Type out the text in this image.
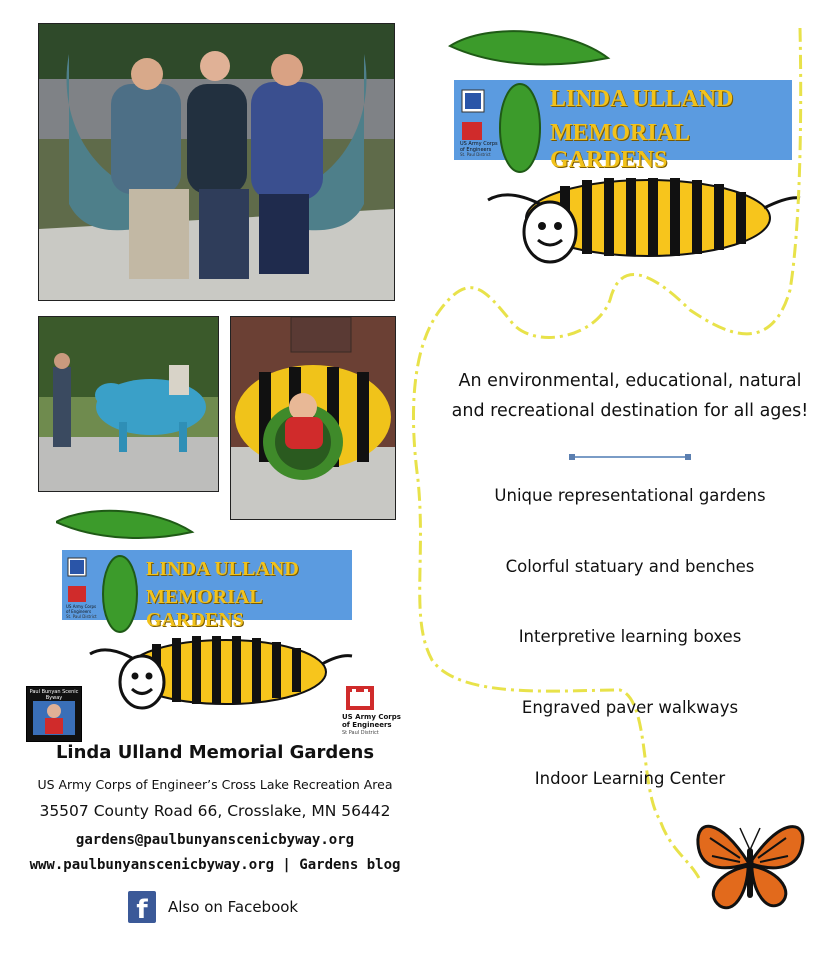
LINDA ULLAND
MEMORIAL GARDENS
US Army Corps of Engineers
St. Paul District
LINDA ULLAND
MEMORIAL GARDENS
US Army Corps of Engineers
St. Paul District
Paul Bunyan Scenic Byway
US Army Corps
of Engineers
St Paul District
An environmental, educational, natural
and recreational destination for all ages!
Unique representational gardens
Colorful statuary and benches
Interpretive learning boxes
Engraved paver walkways
Indoor Learning Center
Linda Ulland Memorial Gardens
US Army Corps of Engineer’s Cross Lake Recreation Area
35507 County Road 66, Crosslake, MN 56442
gardens@paulbunyanscenicbyway.org
www.paulbunyanscenicbyway.org | Gardens blog
f	Also on Facebook
